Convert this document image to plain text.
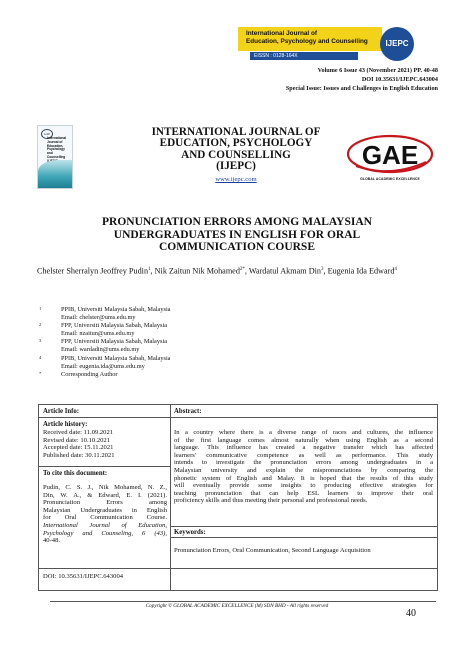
International Journal of
Education, Psychology and Counselling
EISSN : 0128-164X
IJEPC
Volume 6 Issue 43 (November 2021) PP. 40-48
DOI 10.35631/IJEPC.643004
Special Issue: Issues and Challenges in English Education
GAE
International Journal of Education, Psychology and Counselling
INTERNATIONAL JOURNAL OF
EDUCATION, PSYCHOLOGY
AND COUNSELLING
(IJEPC)
www.ijepc.com
GAE
GLOBAL ACADEMIC EXCELLENCE
PRONUNCIATION ERRORS AMONG MALAYSIAN
UNDERGRADUATES IN ENGLISH FOR ORAL
COMMUNICATION COURSE
Chelster Sherralyn Jeoffrey Pudin$^1$, Nik Zaitun Nik Mohamed$^{2*}$, Wardatul Akmam Din$^3$, Eugenia Ida Edward$^4$
1	PPIB, Universiti Malaysia Sabah, Malaysia
Email: chelster@ums.edu.my
2	FPP, Universiti Malaysia Sabah, Malaysia
Email: nzaitun@ums.edu.my
3	FPP, Universiti Malaysia Sabah, Malaysia
Email: wardadin@ums.edu.my
4	PPIB, Universiti Malaysia Sabah, Malaysia
Email: eugenia.ida@ums.edu.my
*	Corresponding Author
Article Info:
Article history:
Received date: 11.09.2021
Revised date: 10.10.2021
Accepted date: 15.11.2021
Published date: 30.11.2021
To cite this document:
Pudin, C. S. J., Nik Mohamed, N. Z.,
Din, W. A., & Edward, E. I. (2021).
Pronunciation Errors among
Malaysian Undergraduates in English
for Oral Communication Course.
International Journal of Education,
Psychology and Counseling, 6 (43),
40-48.
DOI: 10.35631/IJEPC.643004
Abstract:
In a country where there is a diverse range of races and cultures, the influence
of the first language comes almost naturally when using English as a second
language. This influence has created a negative transfer which has affected
learners' communicative competence as well as performance. This study
intends to investigate the pronunciation errors among undergraduates in a
Malaysian university and explain the mispronunciations by comparing the
phonetic system of English and Malay. It is hoped that the results of this study
will eventually provide some insights to producing effective strategies for
teaching pronunciation that can help ESL learners to improve their oral
proficiency skills and thus meeting their personal and professional needs.
Keywords:
Pronunciation Errors, Oral Communication, Second Language Acquisition
Copyright © GLOBAL ACADEMIC EXCELLENCE (M) SDN BHD - All rights reserved
40
